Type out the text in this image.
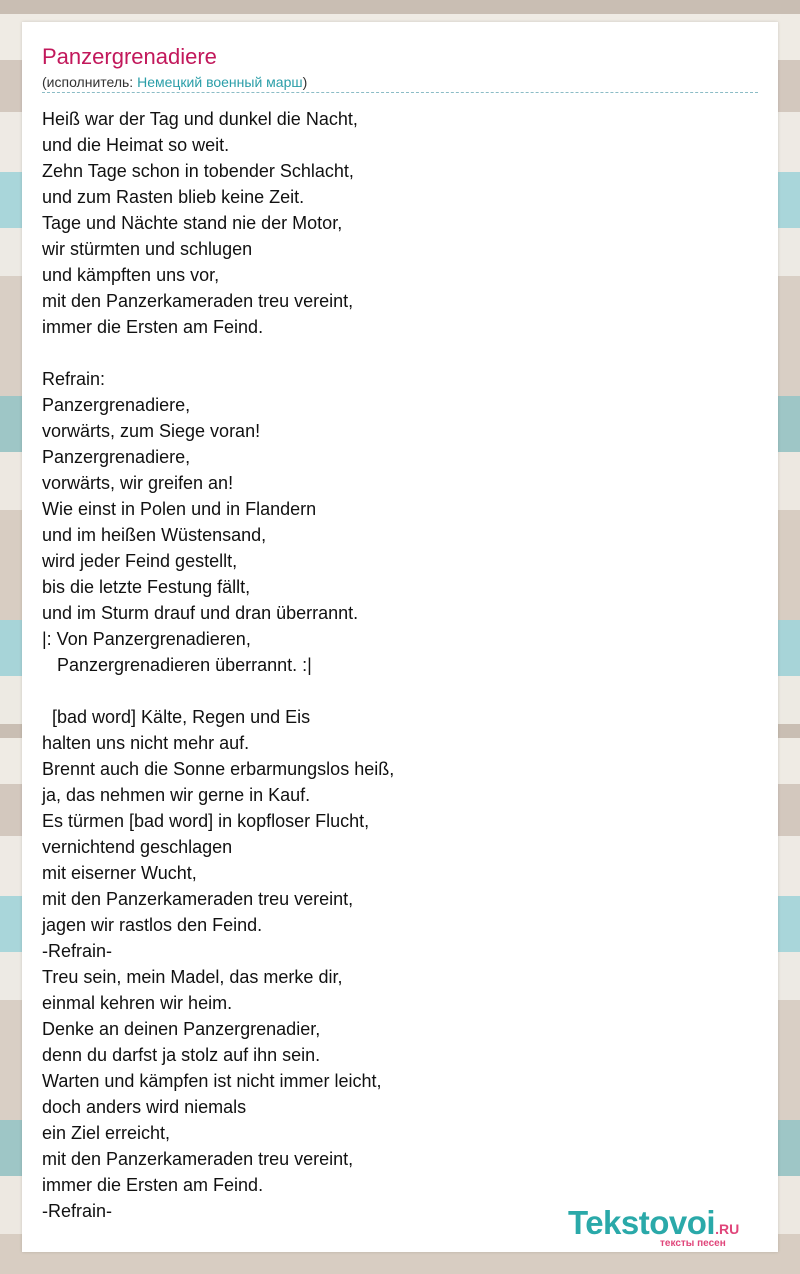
Panzergrenadiere
(исполнитель: Немецкий военный марш)
Heiß war der Tag und dunkel die Nacht,
und die Heimat so weit.
Zehn Tage schon in tobender Schlacht,
und zum Rasten blieb keine Zeit.
Tage und Nächte stand nie der Motor,
wir stürmten und schlugen
und kämpften uns vor,
mit den Panzerkameraden treu vereint,
immer die Ersten am Feind.

Refrain:
Panzergrenadiere,
vorwärts, zum Siege voran!
Panzergrenadiere,
vorwärts, wir greifen an!
Wie einst in Polen und in Flandern
und im heißen Wüstensand,
wird jeder Feind gestellt,
bis die letzte Festung fällt,
und im Sturm drauf und dran überrannt.
|: Von Panzergrenadieren,
Panzergrenadieren überrannt. :|

[bad word] Kälte, Regen und Eis
halten uns nicht mehr auf.
Brennt auch die Sonne erbarmungslos heiß,
ja, das nehmen wir gerne in Kauf.
Es türmen [bad word] in kopfloser Flucht,
vernichtend geschlagen
mit eiserner Wucht,
mit den Panzerkameraden treu vereint,
jagen wir rastlos den Feind.
-Refrain-
Treu sein, mein Madel, das merke dir,
einmal kehren wir heim.
Denke an deinen Panzergrenadier,
denn du darfst ja stolz auf ihn sein.
Warten und kämpfen ist nicht immer leicht,
doch anders wird niemals
ein Ziel erreicht,
mit den Panzerkameraden treu vereint,
immer die Ersten am Feind.
-Refrain-	Tekstovoi.RU
тексты песен
